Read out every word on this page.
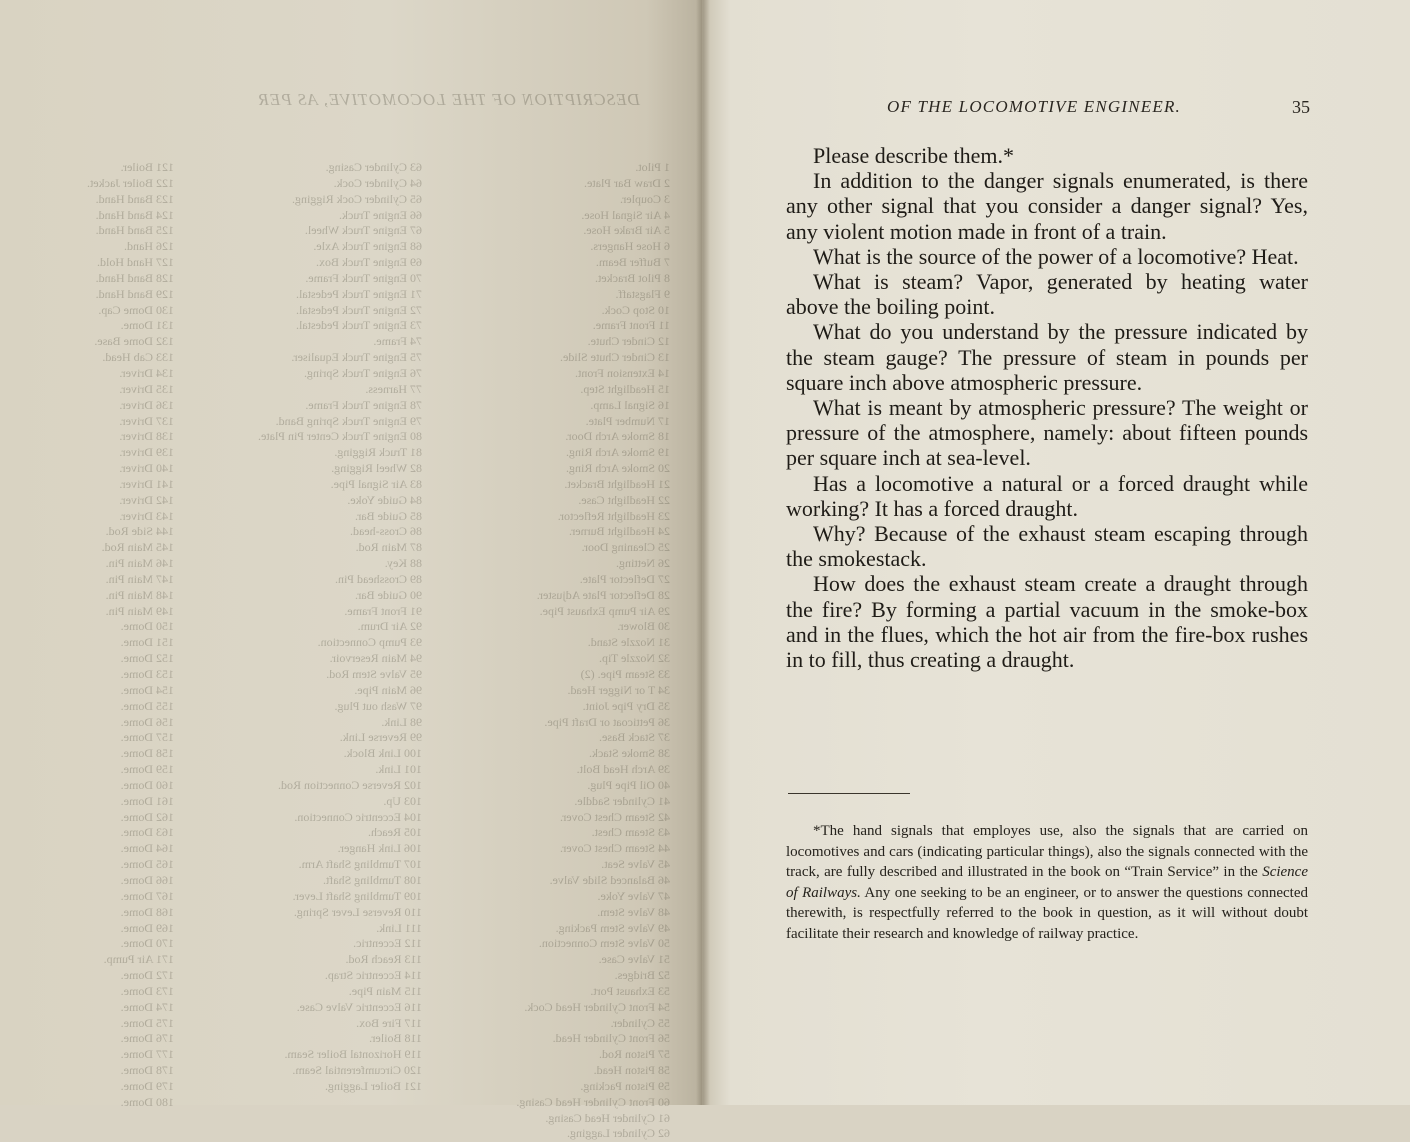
DESCRIPTION OF THE LOCOMOTIVE, AS PER
1 Pilot.
2 Draw Bar Plate.
3 Coupler.
4 Air Signal Hose.
5 Air Brake Hose.
6 Hose Hangers.
7 Buffer Beam.
8 Pilot Bracket.
9 Flagstaff.
10 Stop Cock.
11 Front Frame.
12 Cinder Chute.
13 Cinder Chute Slide.
14 Extension Front.
15 Headlight Step.
16 Signal Lamp.
17 Number Plate.
18 Smoke Arch Door.
19 Smoke Arch Ring.
20 Smoke Arch Ring.
21 Headlight Bracket.
22 Headlight Case.
23 Headlight Reflector.
24 Headlight Burner.
25 Cleaning Door.
26 Netting.
27 Deflector Plate.
28 Deflector Plate Adjuster.
29 Air Pump Exhaust Pipe.
30 Blower.
31 Nozzle Stand.
32 Nozzle Tip.
33 Steam Pipe. (2)
34 T or Nigger Head.
35 Dry Pipe Joint.
36 Petticoat or Draft Pipe.
37 Stack Base.
38 Smoke Stack.
39 Arch Head Bolt.
40 Oil Pipe Plug.
41 Cylinder Saddle.
42 Steam Chest Cover.
43 Steam Chest.
44 Steam Chest Cover.
45 Valve Seat.
46 Balanced Slide Valve.
47 Valve Yoke.
48 Valve Stem.
49 Valve Stem Packing.
50 Valve Stem Connection.
51 Valve Case.
52 Bridges.
53 Exhaust Port.
54 Front Cylinder Head Cock.
55 Cylinder.
56 Front Cylinder Head.
57 Piston Rod.
58 Piston Head.
59 Piston Packing.
60 Front Cylinder Head Casing.
61 Cylinder Head Casing.
62 Cylinder Lagging.
63 Cylinder Casing.
64 Cylinder Cock.
65 Cylinder Cock Rigging.
66 Engine Truck.
67 Engine Truck Wheel.
68 Engine Truck Axle.
69 Engine Truck Box.
70 Engine Truck Frame.
71 Engine Truck Pedestal.
72 Engine Truck Pedestal.
73 Engine Truck Pedestal.
74 Frame.
75 Engine Truck Equaliser.
76 Engine Truck Spring.
77 Harness.
78 Engine Truck Frame.
79 Engine Truck Spring Band.
80 Engine Truck Center Pin Plate.
81 Truck Rigging.
82 Wheel Rigging.
83 Air Signal Pipe.
84 Guide Yoke.
85 Guide Bar.
86 Cross-head.
87 Main Rod.
88 Key.
89 Crosshead Pin.
90 Guide Bar.
91 Front Frame.
92 Air Drum.
93 Pump Connection.
94 Main Reservoir.
95 Valve Stem Rod.
96 Main Pipe.
97 Wash out Plug.
98 Link.
99 Reverse Link.
100 Link Block.
101 Link.
102 Reverse Connection Rod.
103 Up.
104 Eccentric Connection.
105 Reach.
106 Link Hanger.
107 Tumbling Shaft Arm.
108 Tumbling Shaft.
109 Tumbling Shaft Lever.
110 Reverse Lever Spring.
111 Link.
112 Eccentric.
113 Reach Rod.
114 Eccentric Strap.
115 Main Pipe.
116 Eccentric Valve Case.
117 Fire Box.
118 Boiler.
119 Horizontal Boiler Seam.
120 Circumferential Seam.
121 Boiler Lagging.
121 Boiler.
122 Boiler Jacket.
123 Band Hand.
124 Band Hand.
125 Band Hand.
126 Hand.
127 Hand Hold.
128 Band Hand.
129 Band Hand.
130 Dome Cap.
131 Dome.
132 Dome Base.
133 Cab Head.
134 Driver.
135 Driver.
136 Driver.
137 Driver.
138 Driver.
139 Driver.
140 Driver.
141 Driver.
142 Driver.
143 Driver.
144 Side Rod.
145 Main Rod.
146 Main Pin.
147 Main Pin.
148 Main Pin.
149 Main Pin.
150 Dome.
151 Dome.
152 Dome.
153 Dome.
154 Dome.
155 Dome.
156 Dome.
157 Dome.
158 Dome.
159 Dome.
160 Dome.
161 Dome.
162 Dome.
163 Dome.
164 Dome.
165 Dome.
166 Dome.
167 Dome.
168 Dome.
169 Dome.
170 Dome.
171 Air Pump.
172 Dome.
173 Dome.
174 Dome.
175 Dome.
176 Dome.
177 Dome.
178 Dome.
179 Dome.
180 Dome.
OF THE LOCOMOTIVE ENGINEER.	35

Please describe them.*

In addition to the danger signals enumerated, is there any other signal that you consider a danger signal? Yes, any violent motion made in front of a train.

What is the source of the power of a locomotive? Heat.

What is steam? Vapor, generated by heating water above the boiling point.

What do you understand by the pressure indicated by the steam gauge? The pressure of steam in pounds per square inch above atmospheric pressure.

What is meant by atmospheric pressure? The weight or pressure of the atmosphere, namely: about fifteen pounds per square inch at sea-level.

Has a locomotive a natural or a forced draught while working? It has a forced draught.

Why? Because of the exhaust steam escaping through the smokestack.

How does the exhaust steam create a draught through the fire? By forming a partial vacuum in the smoke-box and in the flues, which the hot air from the fire-box rushes in to fill, thus creating a draught.

*The hand signals that employes use, also the signals that are carried on locomotives and cars (indicating particular things), also the signals connected with the track, are fully described and illustrated in the book on “Train Service” in the Science of Railways. Any one seeking to be an engineer, or to answer the questions connected therewith, is respectfully referred to the book in question, as it will without doubt facilitate their research and knowledge of railway practice.
